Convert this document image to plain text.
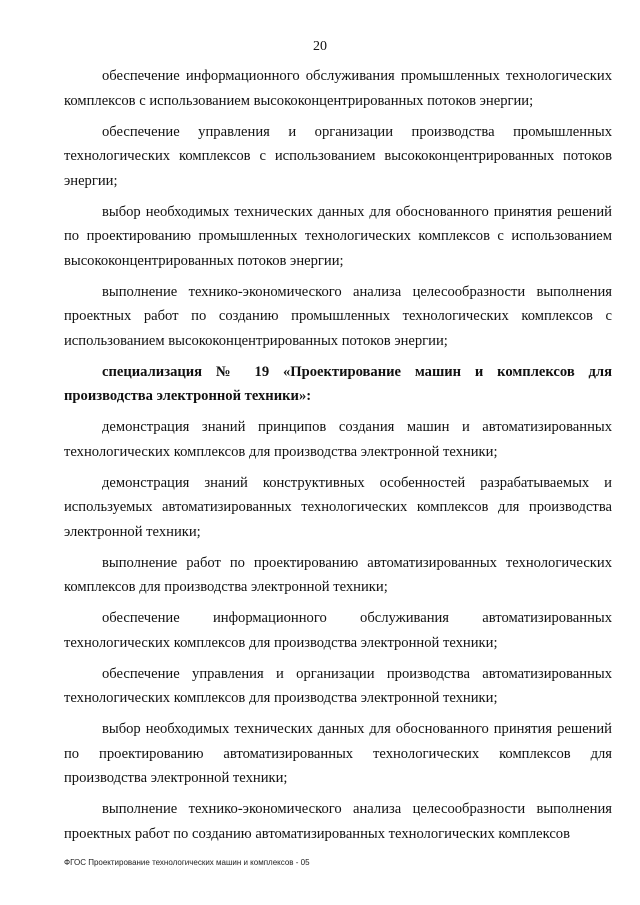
20

обеспечение информационного обслуживания промышленных технологических комплексов с использованием высококонцентрированных потоков энергии;

обеспечение управления и организации производства промышленных технологических комплексов с использованием высококонцентрированных потоков энергии;

выбор необходимых технических данных для обоснованного принятия решений по проектированию промышленных технологических комплексов с использованием высококонцентрированных потоков энергии;

выполнение технико-экономического анализа целесообразности выполнения проектных работ по созданию промышленных технологических комплексов с использованием высококонцентрированных потоков энергии;

специализация № 19 «Проектирование машин и комплексов для производства электронной техники»:

демонстрация знаний принципов создания машин и автоматизированных технологических комплексов для производства электронной техники;

демонстрация знаний конструктивных особенностей разрабатываемых и используемых автоматизированных технологических комплексов для производства электронной техники;

выполнение работ по проектированию автоматизированных технологических комплексов для производства электронной техники;

обеспечение информационного обслуживания автоматизированных технологических комплексов для производства электронной техники;

обеспечение управления и организации производства автоматизированных технологических комплексов для производства электронной техники;

выбор необходимых технических данных для обоснованного принятия решений по проектированию автоматизированных технологических комплексов для производства электронной техники;

выполнение технико-экономического анализа целесообразности выполнения проектных работ по созданию автоматизированных технологических комплексов

ФГОС Проектирование технологических машин и комплексов - 05
